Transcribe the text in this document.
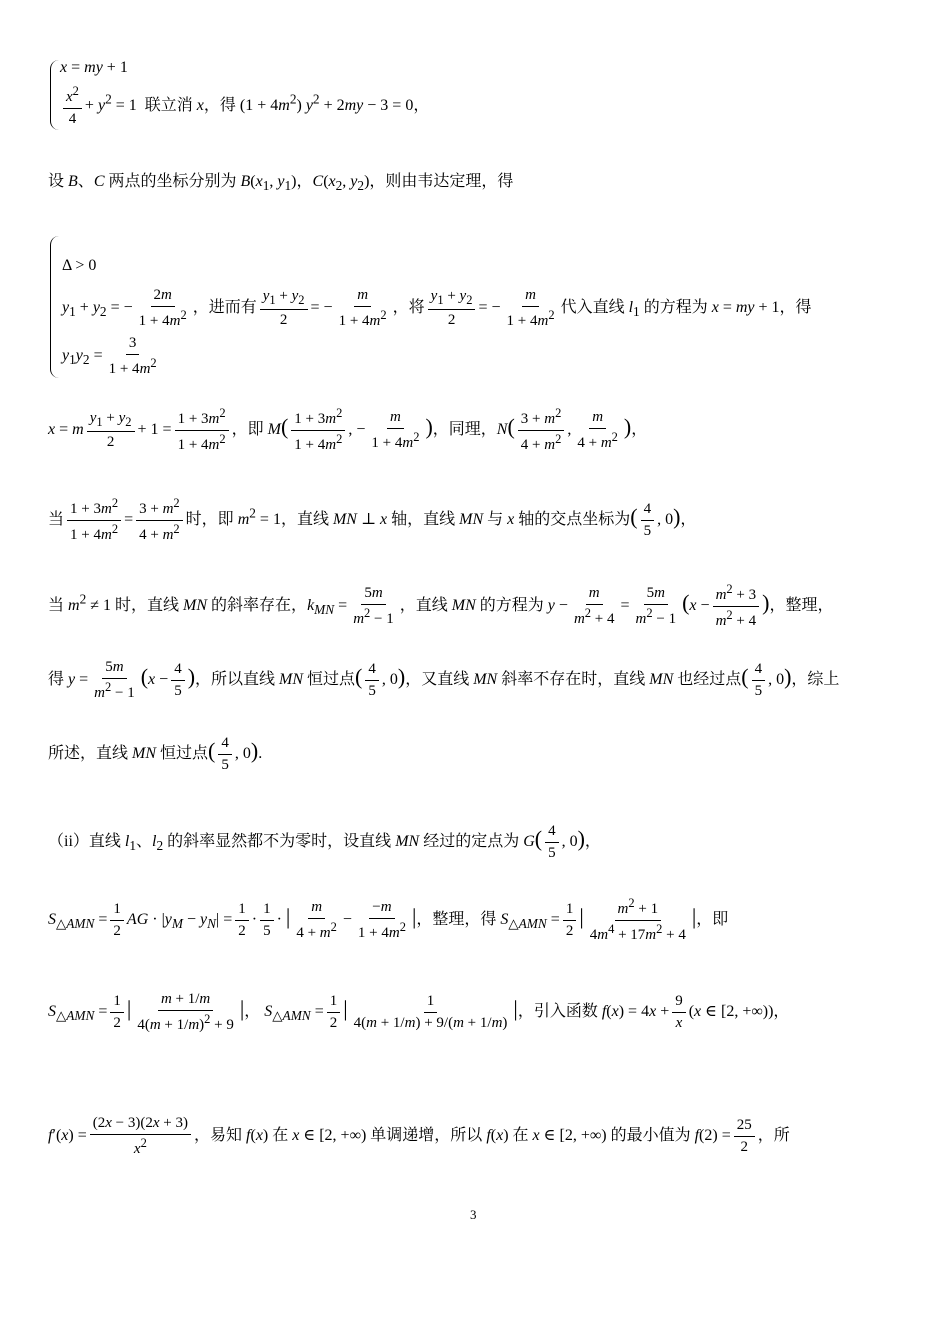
x = my + 1
$\frac{x^2}{4} + y^2 = 1$ 联立消 x，得 $(1 + 4m^2)$ $y^2 + 2my - 3 = 0$，
设 B、C 两点的坐标分别为 $B(x_1$, $y_1$)，$C(x_2$, $y_2$)，则由韦达定理，得
Δ > 0
$y_1 + y_2$ = − $\frac{2m}{1 + 4m^2}$ ，进而有 $\frac{y_1 + y_2}{2}$ = − $\frac{m}{1 + 4m^2}$ ，将 $\frac{y_1 + y_2}{2}$ = − $\frac{m}{1 + 4m^2}$ 代入直线 $l_1$ 的方程为 x = my + 1，得
$y_1y_2 = \frac{3}{1 + 4m^2}$
x = m $\frac{y_1 + y_2}{2} + 1 = \frac{1 + 3m^2}{1 + 4m^2}$ ，即 $M( \frac{1 + 3m^2}{1 + 4m^2}$ , − $\frac{m}{1 + 4m^2}$ )，同理，$N( \frac{3 + m^2}{4 + m^2}$ , $\frac{m}{4 + m^2}$ )，
当 $\frac{1 + 3m^2}{1 + 4m^2} = \frac{3 + m^2}{4 + m^2}$ 时，即 $m^2 = 1$，直线 MN ⊥ x 轴，直线 MN 与 x 轴的交点坐标为( $\frac{4}{5}$ , 0)，
当 $m^2 \ne 1$ 时，直线 MN 的斜率存在，$k_{MN} = \frac{5m}{m^2 - 1}$ ，直线 MN 的方程为 $y - \frac{m}{m^2 + 4} = \frac{5m}{m^2 - 1} (x - \frac{m^2 + 3}{m^2 + 4}$ )，整理，
得 $y = \frac{5m}{m^2 - 1} (x - \frac{4}{5}$ )，所以直线 MN 恒过点( $\frac{4}{5}$ , 0)，又直线 MN 斜率不存在时，直线 MN 也经过点( $\frac{4}{5}$ , 0)，综上
所述，直线 MN 恒过点( $\frac{4}{5}$ , 0).
（ii）直线 $l_1$、$l_2$ 的斜率显然都不为零时，设直线 MN 经过的定点为 $G( \frac{4}{5}$ , 0)，
$S_{\triangle AMN} = \frac{1}{2}$ AG · $|y_M - y_N| = \frac{1}{2} \cdot \frac{1}{5}$ · | $\frac{m}{4 + m^2} - \frac{-m}{1 + 4m^2}$ |，整理，得 $S_{\triangle AMN} = \frac{1}{2}$ | $\frac{m^2 + 1}{4m^4 + 17m^2 + 4}$ |，即
$S_{\triangle AMN} = \frac{1}{2}$ | $\frac{m + 1/m}{4(m + 1/m)^2 + 9}$ |， $S_{\triangle AMN} = \frac{1}{2}$ | $\frac{1}{4(m + 1/m) + 9/(m + 1/m)}$ |，引入函数 $f(x) = 4x + \frac{9}{x} (x$ ∈ [2, +∞))，
$f'(x) = \frac{(2x - 3)(2x + 3)}{x^2}$ ，易知 f(x) 在 x ∈ [2, +∞) 单调递增，所以 f(x) 在 x ∈ [2, +∞) 的最小值为 $f(2) = \frac{25}{2}$ ，所
3
